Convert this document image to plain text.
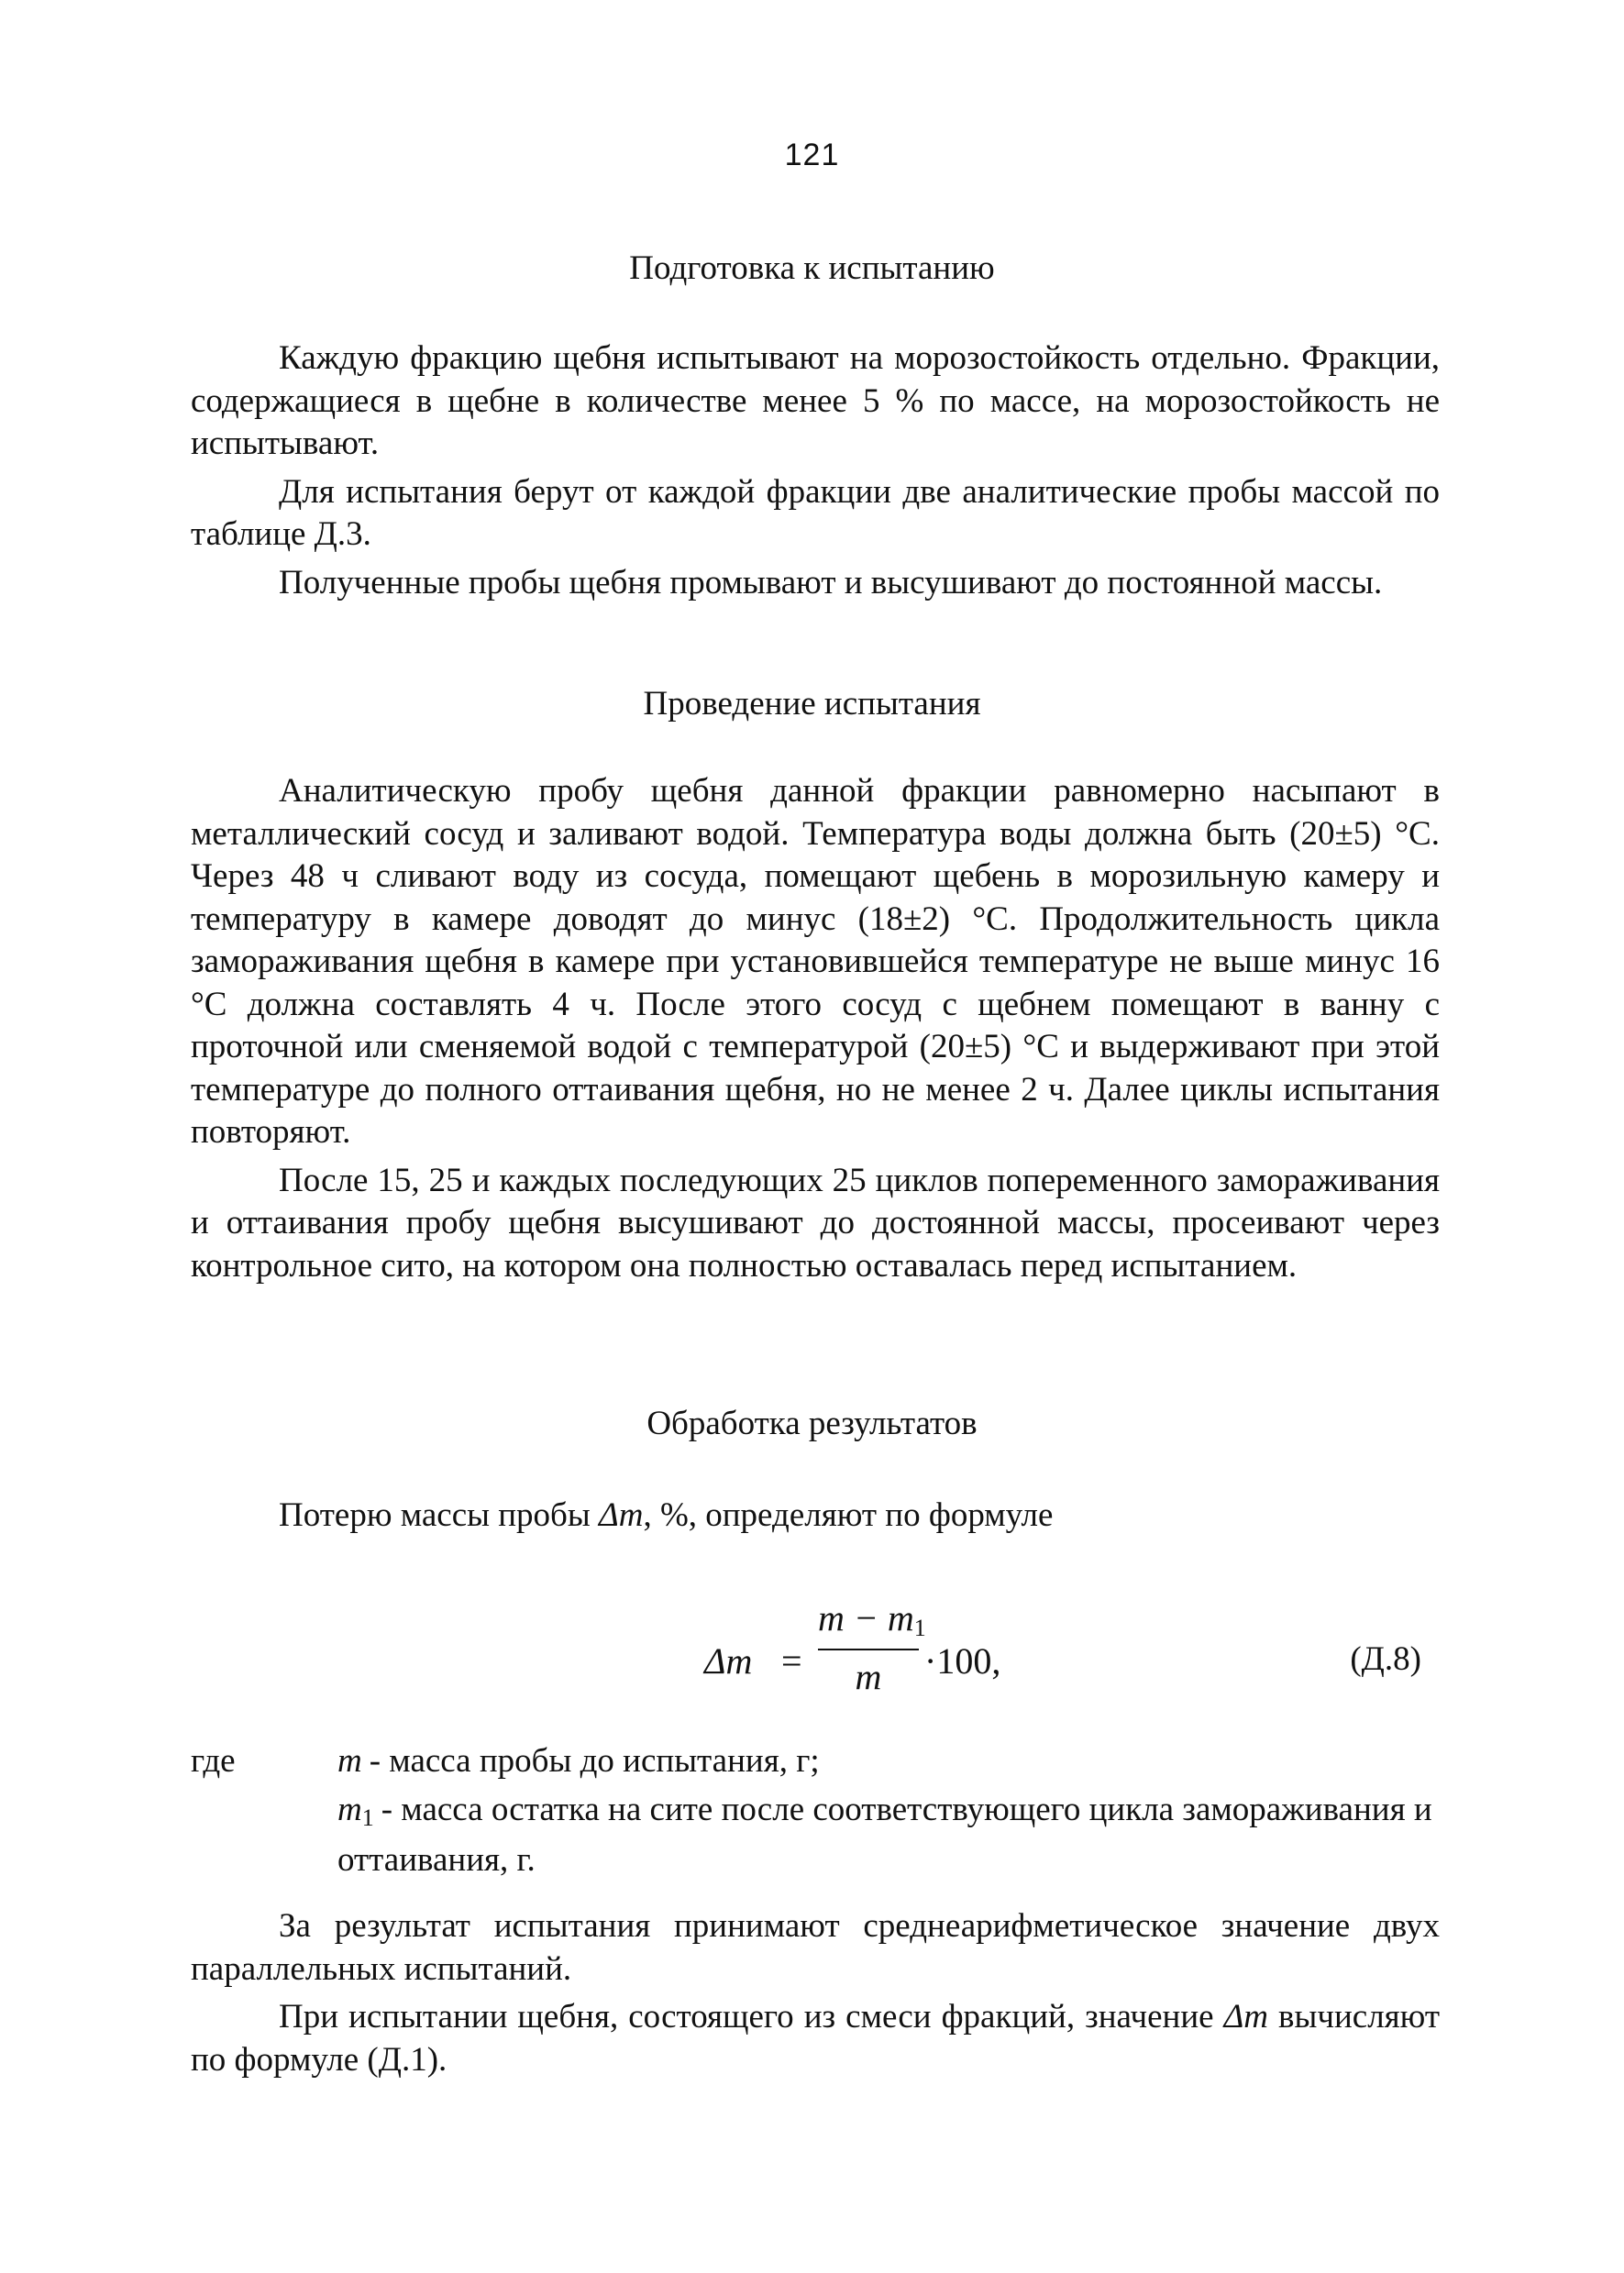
121
Подготовка к испытанию

Каждую фракцию щебня испытывают на морозостойкость отдельно. Фракции, содержащиеся в щебне в количестве менее 5 % по массе, на морозостойкость не испытывают.

Для испытания берут от каждой фракции две аналитические пробы массой по таблице Д.3.

Полученные пробы щебня промывают и высушивают до постоянной массы.

Проведение испытания

Аналитическую пробу щебня данной фракции равномерно насыпают в металлический сосуд и заливают водой. Температура воды должна быть (20±5) °С. Через 48 ч сливают воду из сосуда, помещают щебень в морозильную камеру и температуру в камере доводят до минус (18±2) °С. Продолжительность цикла замораживания щебня в камере при установившейся температуре не выше минус 16 °С должна составлять 4 ч. После этого сосуд с щебнем помещают в ванну с проточной или сменяемой водой с температурой (20±5) °С и выдерживают при этой температуре до полного оттаивания щебня, но не менее 2 ч. Далее циклы испытания повторяют.

После 15, 25 и каждых последующих 25 циклов попеременного замораживания и оттаивания пробу щебня высушивают до достоянной массы, просеивают через контрольное сито, на котором она полностью оставалась перед испытанием.

Обработка результатов

Потерю массы пробы Δm, %, определяют по формуле

Δm =
$m - m_1$
m	·100,	(Д.8)
где	m - масса пробы до испытания, г;
$m_1$ - масса остатка на сите после соответствующего цикла замораживания и оттаивания, г.

За результат испытания принимают среднеарифметическое значение двух параллельных испытаний.

При испытании щебня, состоящего из смеси фракций, значение Δm вычисляют по формуле (Д.1).
